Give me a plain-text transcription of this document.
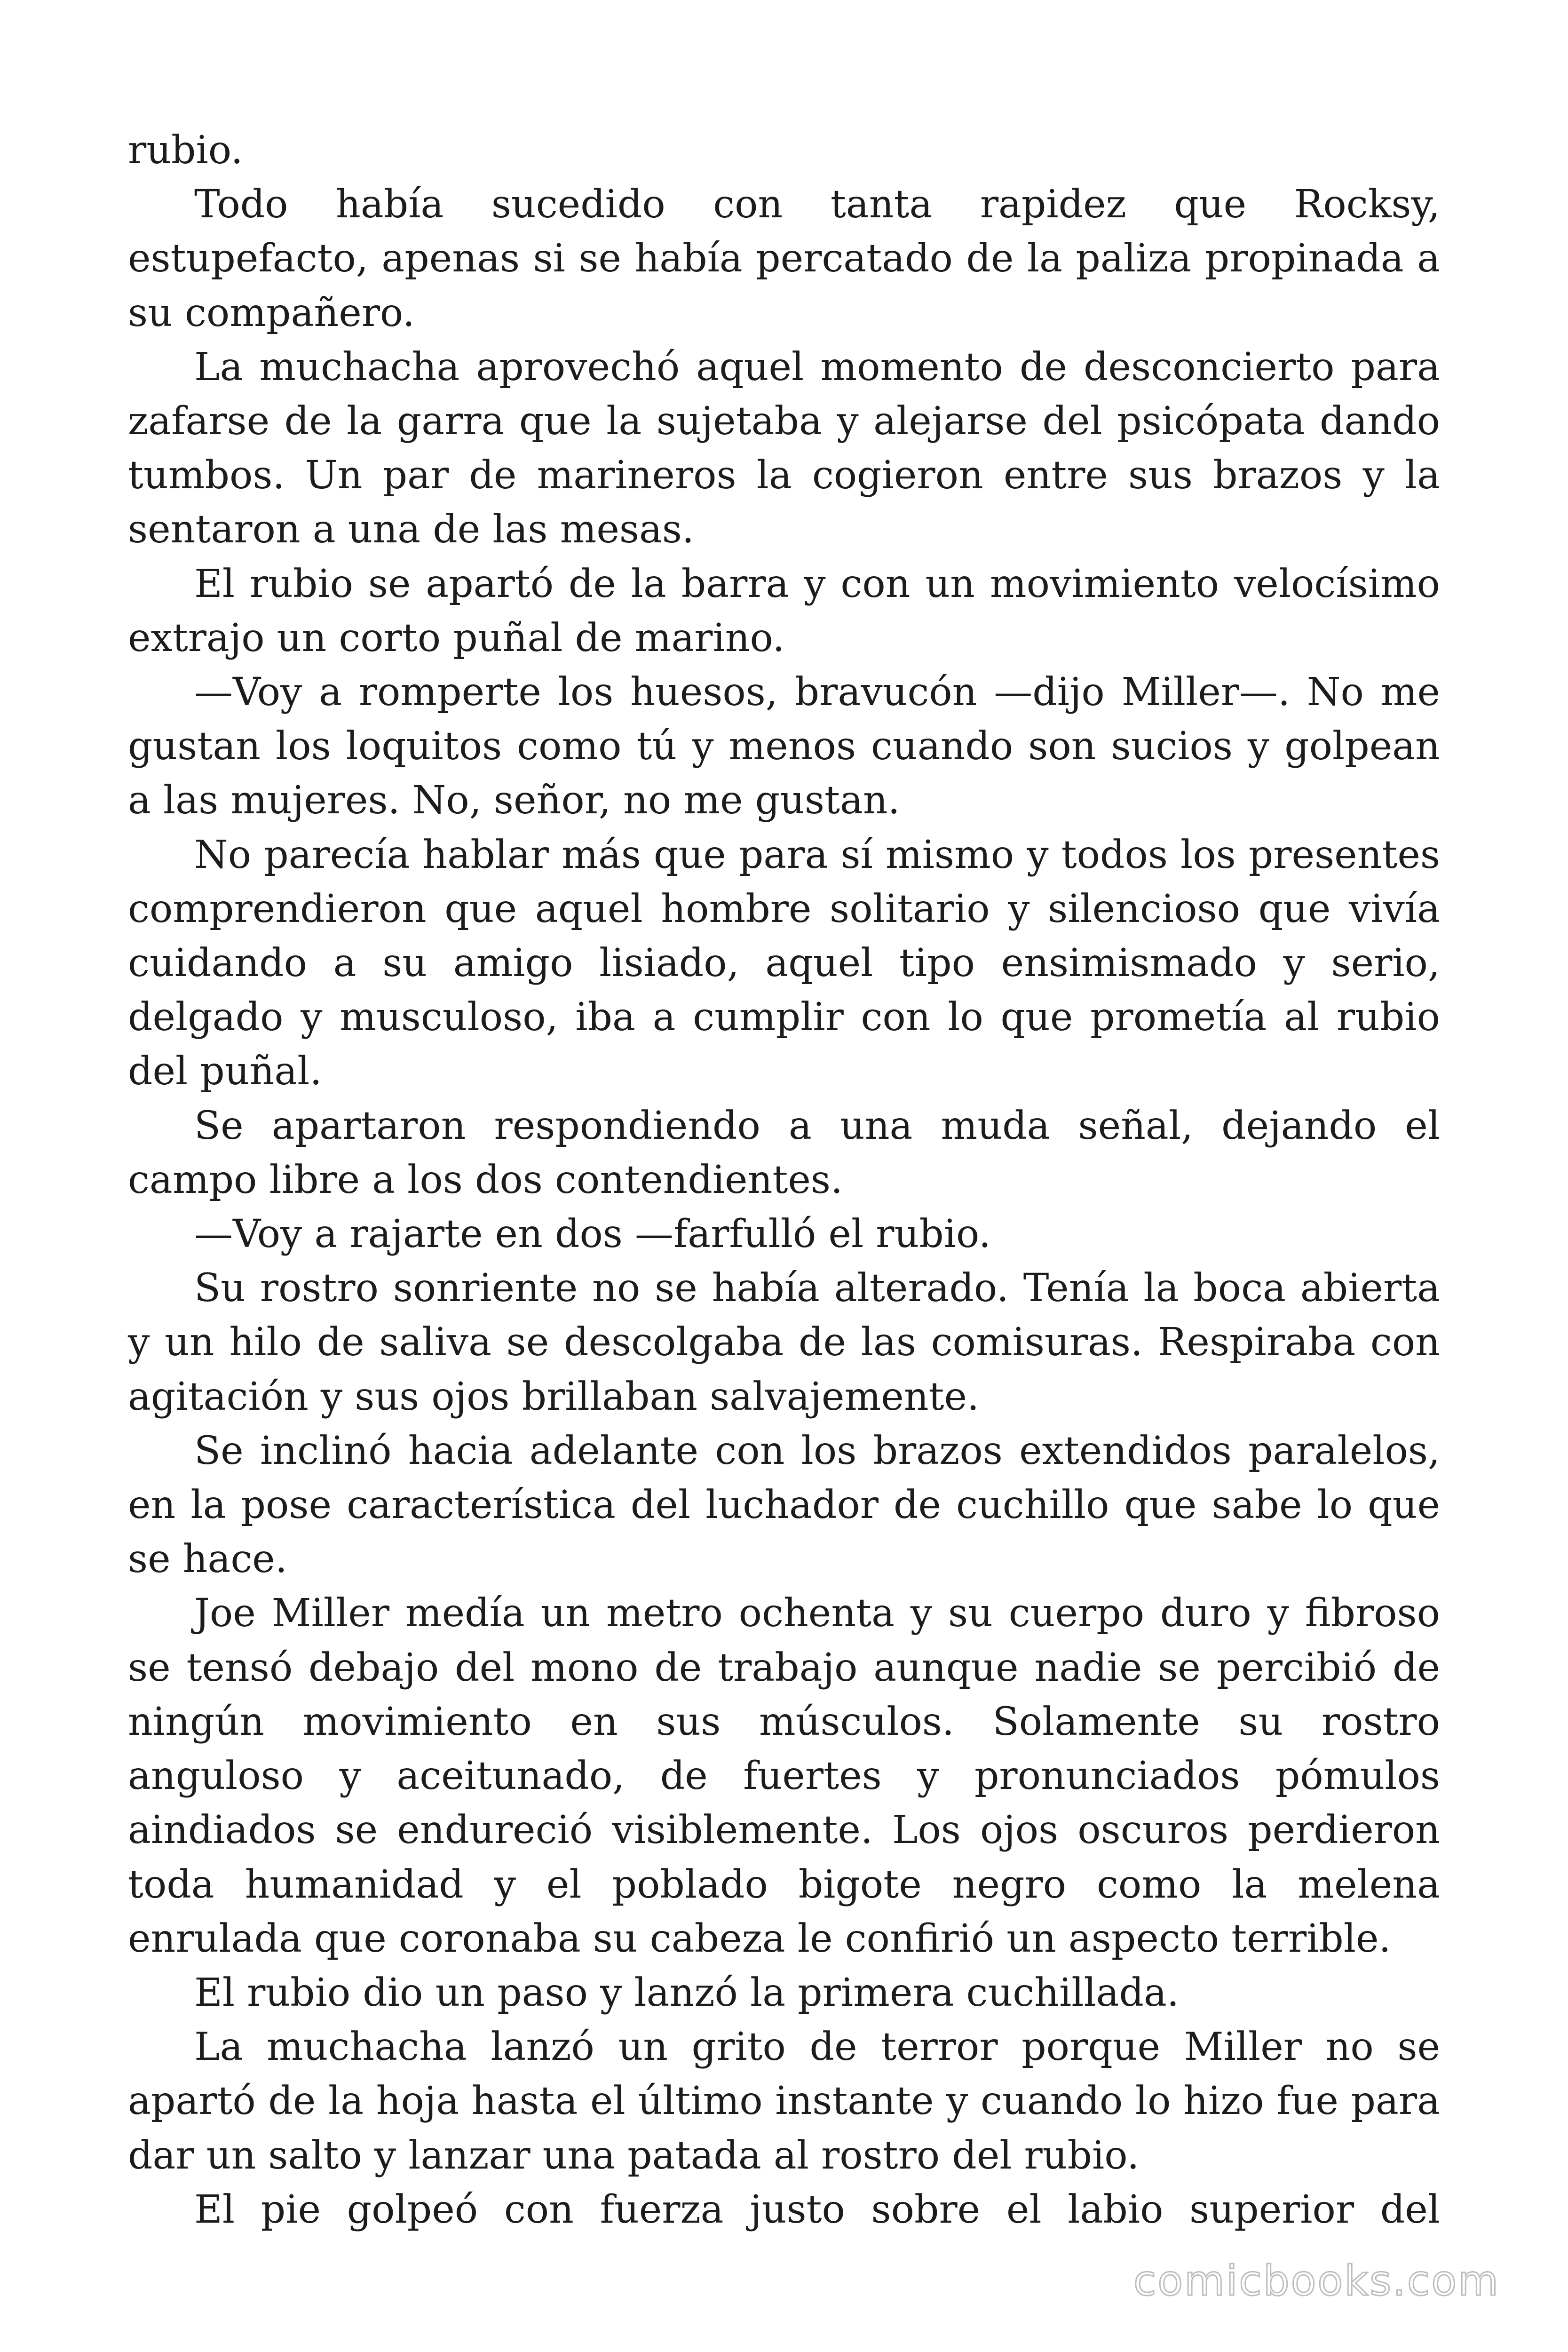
rubio.

Todo había sucedido con tanta rapidez que Rocksy, estupefacto, apenas si se había percatado de la paliza propinada a su compañero.

La muchacha aprovechó aquel momento de desconcierto para zafarse de la garra que la sujetaba y alejarse del psicópata dando tumbos. Un par de marineros la cogieron entre sus brazos y la sentaron a una de las mesas.

El rubio se apartó de la barra y con un movimiento velocísimo extrajo un corto puñal de marino.

—Voy a romperte los huesos, bravucón —dijo Miller—. No me gustan los loquitos como tú y menos cuando son sucios y golpean a las mujeres. No, señor, no me gustan.

No parecía hablar más que para sí mismo y todos los presentes comprendieron que aquel hombre solitario y silencioso que vivía cuidando a su amigo lisiado, aquel tipo ensimismado y serio, delgado y musculoso, iba a cumplir con lo que prometía al rubio del puñal.

Se apartaron respondiendo a una muda señal, dejando el campo libre a los dos contendientes.

—Voy a rajarte en dos —farfulló el rubio.

Su rostro sonriente no se había alterado. Tenía la boca abierta y un hilo de saliva se descolgaba de las comisuras. Respiraba con agitación y sus ojos brillaban salvajemente.

Se inclinó hacia adelante con los brazos extendidos paralelos, en la pose característica del luchador de cuchillo que sabe lo que se hace.

Joe Miller medía un metro ochenta y su cuerpo duro y fibroso se tensó debajo del mono de trabajo aunque nadie se percibió de ningún movimiento en sus músculos. Solamente su rostro anguloso y aceitunado, de fuertes y pronunciados pómulos aindiados se endureció visiblemente. Los ojos oscuros perdieron toda humanidad y el poblado bigote negro como la melena enrulada que coronaba su cabeza le confirió un aspecto terrible.

El rubio dio un paso y lanzó la primera cuchillada.

La muchacha lanzó un grito de terror porque Miller no se apartó de la hoja hasta el último instante y cuando lo hizo fue para dar un salto y lanzar una patada al rostro del rubio.

El pie golpeó con fuerza justo sobre el labio superior del

comicbooks.com
